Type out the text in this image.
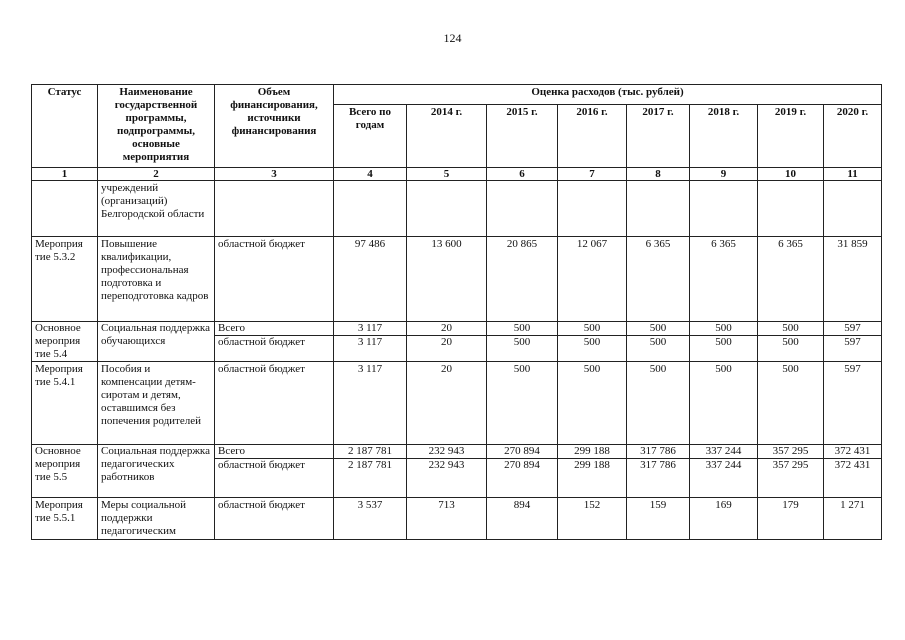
124
Статус	Наименование государственной программы, подпрограммы, основные мероприятия	Объем финансирования, источники финансирования	Оценка расходов (тыс. рублей)							
			Всего по годам	2014 г.	2015 г.	2016 г.	2017 г.	2018 г.	2019 г.	2020 г.
1	2	3	4	5	6	7	8	9	10	11
	учреждений (организаций) Белгородской области									
Мероприя тие 5.3.2	Повышение квалификации, профессиональная подготовка и переподготовка кадров	областной бюджет	97 486	13 600	20 865	12 067	6 365	6 365	6 365	31 859
Основное мероприя тие 5.4	Социальная поддержка обучающихся	Всего	3 117	20	500	500	500	500	500	597
		областной бюджет	3 117	20	500	500	500	500	500	597
Мероприя тие 5.4.1	Пособия и компенсации детям-сиротам и детям, оставшимся без попечения родителей	областной бюджет	3 117	20	500	500	500	500	500	597
Основное мероприя тие 5.5	Социальная поддержка педагогических работников	Всего	2 187 781	232 943	270 894	299 188	317 786	337 244	357 295	372 431
		областной бюджет	2 187 781	232 943	270 894	299 188	317 786	337 244	357 295	372 431
Мероприя тие 5.5.1	Меры социальной поддержки педагогическим	областной бюджет	3 537	713	894	152	159	169	179	1 271
